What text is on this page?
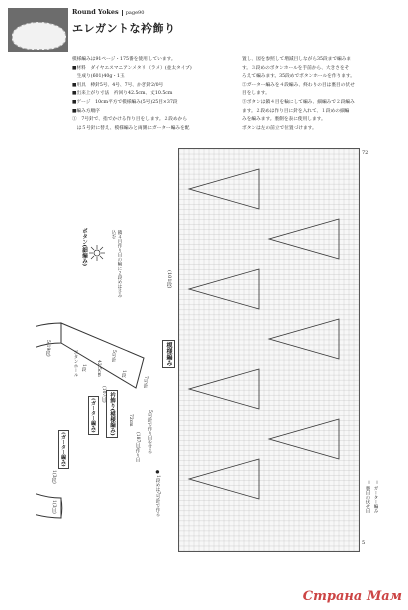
Round Yokes page90
エレガントな衿飾り
模様編みは91ページ・175番を使用しています。
■材料　ダイヤエスマニアンメタリ（ラメ）(並太タイプ)
　生成り(601)40g・1玉
■用具　棒針5号、4号、7号、かぎ針2/0号
■出来上がり寸法　衿回り42.5cm、丈10.5cm
■ゲージ　10cm平方で模様編み(5号)25目×37段
■編み方順序
①　7号針で、指でかける作り目をします。２段めから
　は５号針に替え、模様編みと両側にガーター編みを配
置し、図を参照して増減目しながら35段まで編みま
す。３段めのボタンホールを手前から、大きさをそ
ろえて編みます。35段めでボタンホールを作ります。
②ガーター編みを４段編み、終わりの目は裏目の伏せ
目をします。
③ボタンは鎖４目を輪にして編み、細編みで２段編み
ます。２段めは作り目に針を入れて、１段めの細編
みを編みます。裏側を表に使用します。
ボタンは左の前立で位置づけます。
ボタン(細編み)	鎖４目作り目の輪に２段めはさみ込む
(ガーター編み)
(ガーター編み)	衿飾り(模様編み)
ボタンホール
1(3目)
5(19段)
1段 42.5cm
(107目)
1段
72cm
(187目)作り目
7号針
5号針
5号針で作り目をする
1(3段)	●1段めは7号針で作る
模様編み
(101段)
72
5
＝ 裏目の伏せ目 ＝ ガーター編み
Страна Мам
